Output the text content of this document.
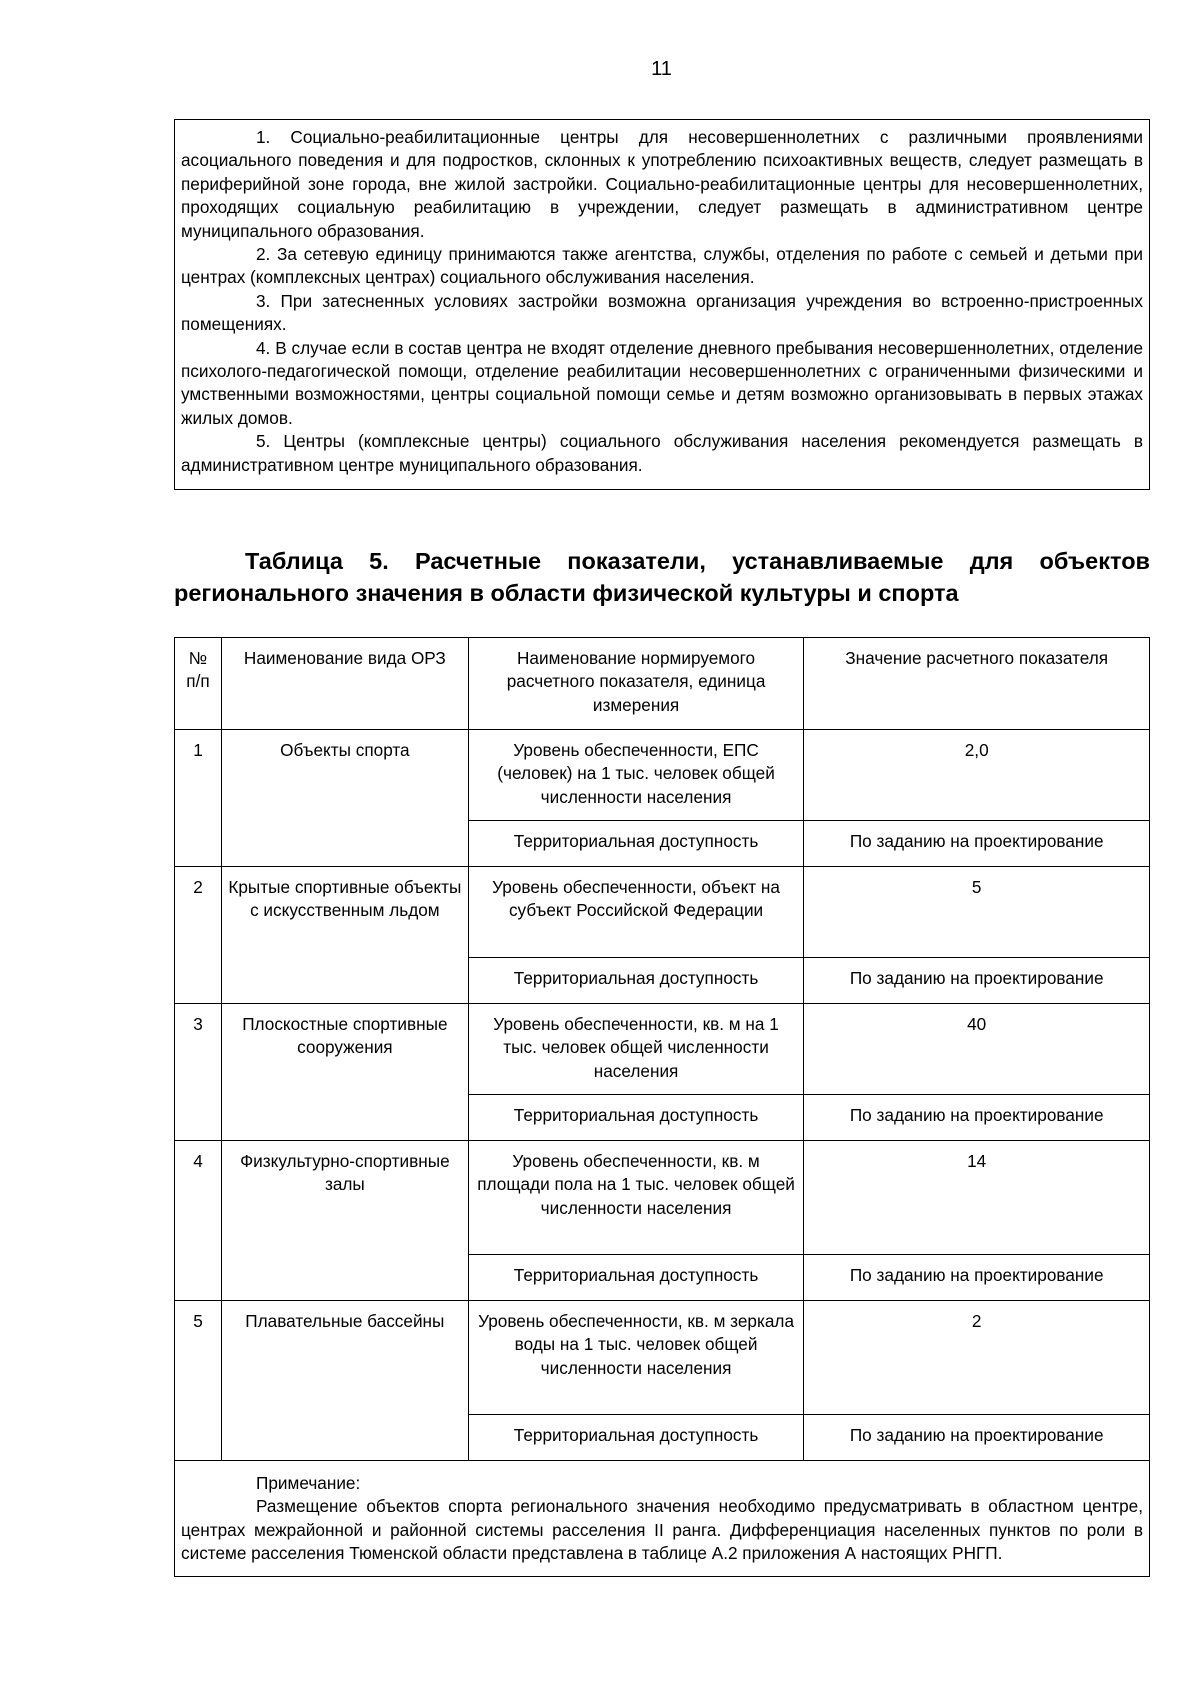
11

1. Социально-реабилитационные центры для несовершеннолетних с различными проявлениями асоциального поведения и для подростков, склонных к употреблению психоактивных веществ, следует размещать в периферийной зоне города, вне жилой застройки. Социально-реабилитационные центры для несовершеннолетних, проходящих социальную реабилитацию в учреждении, следует размещать в административном центре муниципального образования.

2. За сетевую единицу принимаются также агентства, службы, отделения по работе с семьей и детьми при центрах (комплексных центрах) социального обслуживания населения.

3. При затесненных условиях застройки возможна организация учреждения во встроенно-пристроенных помещениях.

4. В случае если в состав центра не входят отделение дневного пребывания несовершеннолетних, отделение психолого-педагогической помощи, отделение реабилитации несовершеннолетних с ограниченными физическими и умственными возможностями, центры социальной помощи семье и детям возможно организовывать в первых этажах жилых домов.

5. Центры (комплексные центры) социального обслуживания населения рекомендуется размещать в административном центре муниципального образования.

Таблица 5. Расчетные показатели, устанавливаемые для объектов регионального значения в области физической культуры и спорта
№ п/п	Наименование вида ОРЗ	Наименование нормируемого расчетного показателя, единица измерения	Значение расчетного показателя
1	Объекты спорта	Уровень обеспеченности, ЕПС (человек) на 1 тыс. человек общей численности населения	2,0
		Территориальная доступность	По заданию на проектирование
2	Крытые спортивные объекты с искусственным льдом	Уровень обеспеченности, объект на субъект Российской Федерации	5
		Территориальная доступность	По заданию на проектирование
3	Плоскостные спортивные сооружения	Уровень обеспеченности, кв. м на 1 тыс. человек общей численности населения	40
		Территориальная доступность	По заданию на проектирование
4	Физкультурно-спортивные залы	Уровень обеспеченности, кв. м площади пола на 1 тыс. человек общей численности населения	14
		Территориальная доступность	По заданию на проектирование
5	Плавательные бассейны	Уровень обеспеченности, кв. м зеркала воды на 1 тыс. человек общей численности населения	2
		Территориальная доступность	По заданию на проектирование

Примечание:

Размещение объектов спорта регионального значения необходимо предусматривать в областном центре, центрах межрайонной и районной системы расселения II ранга. Дифференциация населенных пунктов по роли в системе расселения Тюменской области представлена в таблице А.2 приложения А настоящих РНГП.			
